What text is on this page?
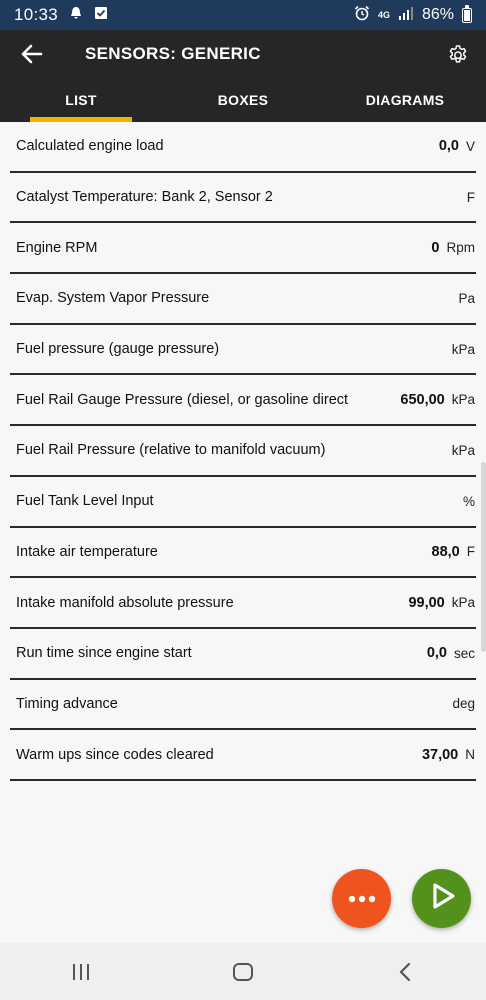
10:33	4G 86%
SENSORS: GENERIC
LIST	BOXES	DIAGRAMS
Calculated engine load	0,0 V
Catalyst Temperature: Bank 2, Sensor 2	F
Engine RPM	0 Rpm
Evap. System Vapor Pressure	Pa
Fuel pressure (gauge pressure)	kPa
Fuel Rail Gauge Pressure (diesel, or gasoline direct	650,00 kPa
Fuel Rail Pressure (relative to manifold vacuum)	kPa
Fuel Tank Level Input	%
Intake air temperature	88,0 F
Intake manifold absolute pressure	99,00 kPa
Run time since engine start	0,0 sec
Timing advance	deg
Warm ups since codes cleared	37,00 N
